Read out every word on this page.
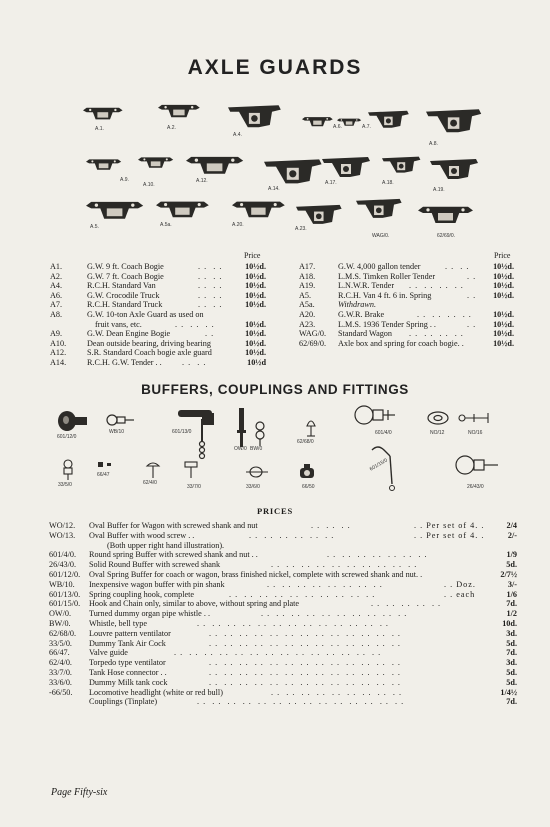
AXLE GUARDS
A.1.	A.2.
A.4.
A.6.	A.7.
A.8.
A.9.
A.10.
A.12.
A.14.
A.17.	A.18.
A.19.
A.5.	A.5a.	A.20.
A.23.
WAG/0.	62/69/0.
Price	Price
A1.	G.W. 9 ft. Coach Bogie	. .  . .	10½d.
A2.	G.W. 7 ft. Coach Bogie	. .  . .	10½d.
A4.	R.C.H. Standard Van	. .  . .	10½d.
A6.	G.W. Crocodile Truck	. .  . .	10½d.
A7.	R.C.H. Standard Truck	. .  . .	10½d.
A8.	G.W. 10-ton Axle Guard as used on
fruit vans, etc.	. .  . .  . .	10½d.
A9.	G.W. Dean Engine Bogie	. .	10½d.
A10.	Dean outside bearing, driving bearing	10½d.
A12.	S.R. Standard Coach bogie axle guard	10½d.
A14.	R.C.H. G.W. Tender . . . .  . .	10½d
A17.	G.W. 4,000 gallon tender	. .  . .	10½d.
A18.	L.M.S. Timken Roller Tender	. . 10½d.
A19.	L.N.W.R. Tender . .  . .  . .  . .	10½d.
A5.	R.C.H. Van 4 ft. 6 in. Spring	. . 10½d.
A5a.	Withdrawn.
A20.	G.W.R. Brake	. .  . .  . .  . .	10½d.
A23.	L.M.S. 1936 Tender Spring . .	. . 10½d.
WAG/0. Standard Wagon . .  . .  . .  . .	10½d.
62/69/0. Axle box and spring for coach bogie. .	10½d.
BUFFERS, COUPLINGS AND FITTINGS
601/12/0
WB/10	601/13/0
OW/0 BW/0
62/68/0
601/4/0	NO/12	NO/16
33/5/0
66/47
62/4/0
33/7/0	33/6/0	66/50
601/15/0
26/43/0
PRICES
WO/12. Oval Buffer for Wagon with screwed shank and nut	. .  . .  . .	. . Per set of 4. .	2/4
WO/13. Oval Buffer with wood screw . .	. .  . .  . .  . .  . .  . .	. . Per set of 4. .	2/-
(Both upper right hand illustration).
601/4/0. Round spring Buffer with screwed shank and nut . .	. .  . .  . .  . .  . .  . .  . .	1/9
26/43/0. Solid Round Buffer with screwed shank	. .  . .  . .  . .  . .  . .  . .  . .  . .  . .	5d.
601/12/0. Oval Spring Buffer for coach or wagon, brass finished nickel, complete with screwed shank and nut. .	2/7½
WB/10. Inexpensive wagon buffer with pin shank	. .  . .  . .  . .  . .  . .  . .  . .	. . Doz.	3/-
601/13/0. Spring coupling hook, complete	. .  . .  . .  . .  . .  . .  . .  . .  . .  . .	. . each	1/6
601/15/0. Hook and Chain only, similar to above, without spring and plate	. .  . .  . .  . .  . .	7d.
OW/0. Turned dummy organ pipe whistle . .	. .  . .  . .  . .  . .  . .  . .  . .  . .  . .	1/2
BW/0. Whistle, bell type	. .  . .  . .  . .  . .  . .  . .  . .  . .  . .  . .  . .  . .	10d.
62/68/0. Louvre pattern ventilator	. .  . .  . .  . .  . .  . .  . .  . .  . .  . .  . .  . .  . .	3d.
33/5/0. Dummy Tank Air Cock	. .  . .  . .  . .  . .  . .  . .  . .  . .  . .  . .  . .  . .	5d.
66/47. Valve guide	. .  . .  . .  . .  . .  . .  . .  . .  . .  . .  . .  . .  . .  . .	7d.
62/4/0. Torpedo type ventilator	. .  . .  . .  . .  . .  . .  . .  . .  . .  . .  . .  . .  . .	3d.
33/7/0. Tank Hose connector . .	. .  . .  . .  . .  . .  . .  . .  . .  . .  . .  . .  . .  . .	5d.
33/6/0. Dummy Milk tank cock	. .  . .  . .  . .  . .  . .  . .  . .  . .  . .  . .  . .  . .	5d.
-66/50. Locomotive headlight (white or red bull)	. .  . .  . .  . .  . .  . .  . .  . .  . .	1/4½
Couplings (Tinplate)	. .  . .  . .  . .  . .  . .  . .  . .  . .  . .  . .  . .  . .  . .	7d.
Page Fifty-six
